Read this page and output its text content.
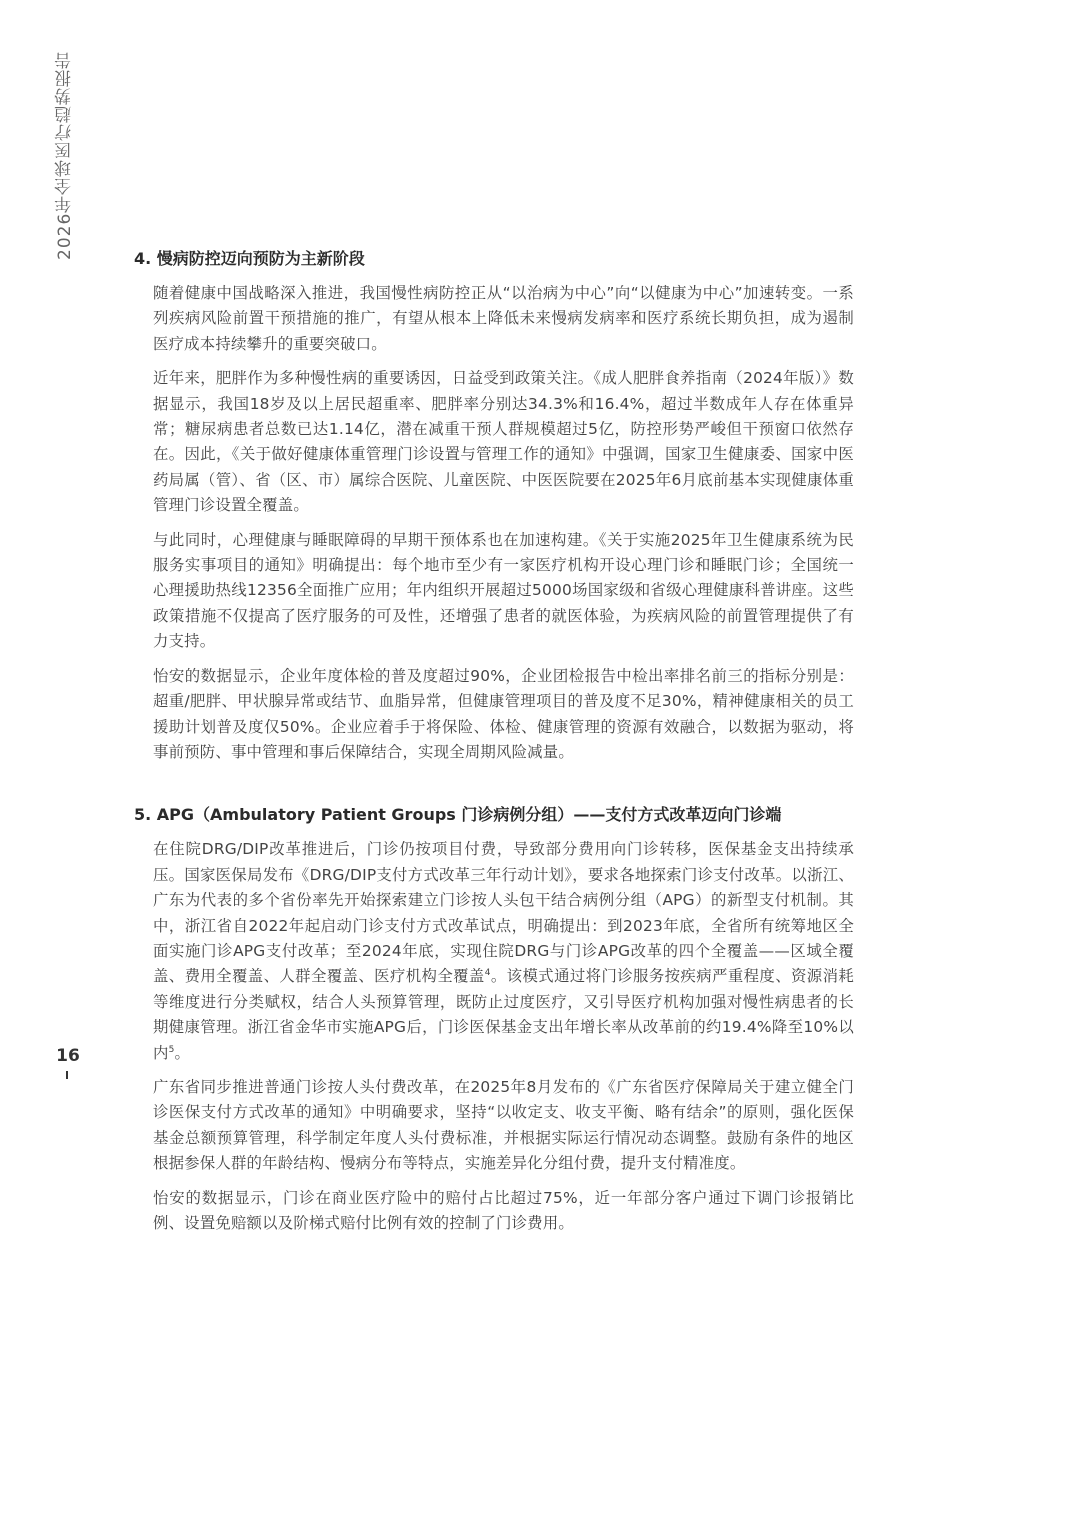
2026年全球医疗趋势报告
16
4. 慢病防控迈向预防为主新阶段

随着健康中国战略深入推进，我国慢性病防控正从“以治病为中心”向“以健康为中心”加速转变。一系列疾病风险前置干预措施的推广，有望从根本上降低未来慢病发病率和医疗系统长期负担，成为遏制医疗成本持续攀升的重要突破口。

近年来，肥胖作为多种慢性病的重要诱因，日益受到政策关注。《成人肥胖食养指南（2024年版）》数据显示，我国18岁及以上居民超重率、肥胖率分别达34.3%和16.4%，超过半数成年人存在体重异常；糖尿病患者总数已达1.14亿，潜在减重干预人群规模超过5亿，防控形势严峻但干预窗口依然存在。因此，《关于做好健康体重管理门诊设置与管理工作的通知》中强调，国家卫生健康委、国家中医药局属（管）、省（区、市）属综合医院、儿童医院、中医医院要在2025年6月底前基本实现健康体重管理门诊设置全覆盖。

与此同时，心理健康与睡眠障碍的早期干预体系也在加速构建。《关于实施2025年卫生健康系统为民服务实事项目的通知》明确提出：每个地市至少有一家医疗机构开设心理门诊和睡眠门诊；全国统一心理援助热线12356全面推广应用；年内组织开展超过5000场国家级和省级心理健康科普讲座。这些政策措施不仅提高了医疗服务的可及性，还增强了患者的就医体验，为疾病风险的前置管理提供了有力支持。

怡安的数据显示，企业年度体检的普及度超过90%，企业团检报告中检出率排名前三的指标分别是：超重/肥胖、甲状腺异常或结节、血脂异常，但健康管理项目的普及度不足30%，精神健康相关的员工援助计划普及度仅50%。企业应着手于将保险、体检、健康管理的资源有效融合，以数据为驱动，将事前预防、事中管理和事后保障结合，实现全周期风险减量。

5. APG（Ambulatory Patient Groups 门诊病例分组）——支付方式改革迈向门诊端

在住院DRG/DIP改革推进后，门诊仍按项目付费，导致部分费用向门诊转移，医保基金支出持续承压。国家医保局发布《DRG/DIP支付方式改革三年行动计划》，要求各地探索门诊支付改革。以浙江、广东为代表的多个省份率先开始探索建立门诊按人头包干结合病例分组（APG）的新型支付机制。其中，浙江省自2022年起启动门诊支付方式改革试点，明确提出：到2023年底，全省所有统筹地区全面实施门诊APG支付改革；至2024年底，实现住院DRG与门诊APG改革的四个全覆盖——区域全覆盖、费用全覆盖、人群全覆盖、医疗机构全覆盖$^4$。该模式通过将门诊服务按疾病严重程度、资源消耗等维度进行分类赋权，结合人头预算管理，既防止过度医疗，又引导医疗机构加强对慢性病患者的长期健康管理。浙江省金华市实施APG后，门诊医保基金支出年增长率从改革前的约19.4%降至10%以内$^5$。

广东省同步推进普通门诊按人头付费改革，在2025年8月发布的《广东省医疗保障局关于建立健全门诊医保支付方式改革的通知》中明确要求，坚持“以收定支、收支平衡、略有结余”的原则，强化医保基金总额预算管理，科学制定年度人头付费标准，并根据实际运行情况动态调整。鼓励有条件的地区根据参保人群的年龄结构、慢病分布等特点，实施差异化分组付费，提升支付精准度。

怡安的数据显示，门诊在商业医疗险中的赔付占比超过75%，近一年部分客户通过下调门诊报销比例、设置免赔额以及阶梯式赔付比例有效的控制了门诊费用。
